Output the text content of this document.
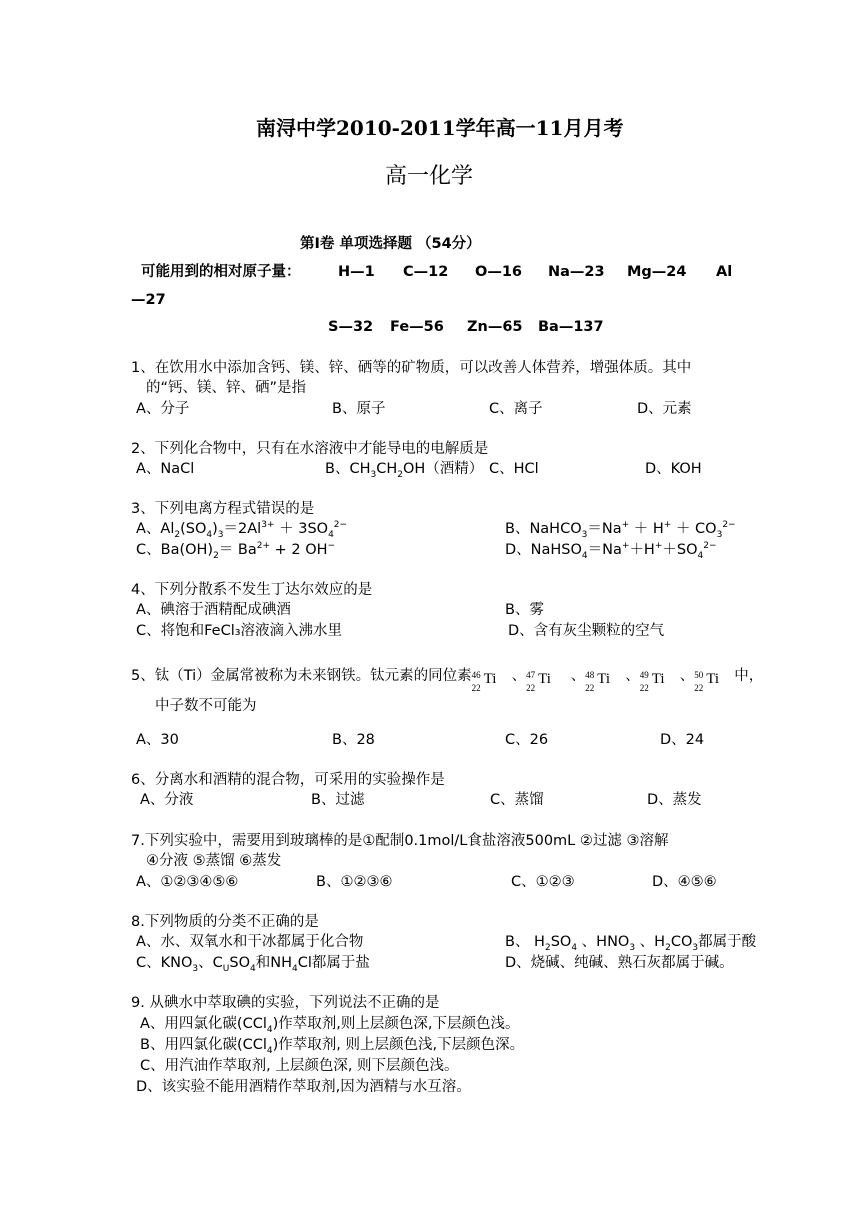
南浔中学2010-2011学年高一11月月考
高一化学
第Ⅰ卷 单项选择题 （54分）
可能用到的相对原子量：	H—1 C—12 O—16 Na—23 Mg—24 Al
—27
S—32 Fe—56 Zn—65 Ba—137
1、在饮用水中添加含钙、镁、锌、硒等的矿物质，可以改善人体营养，增强体质。其中
的“钙、镁、锌、硒”是指
A、分子	B、原子	C、离子	D、元素
2、下列化合物中，只有在水溶液中才能导电的电解质是
A、NaCl	B、$CH_3CH_2OH$（酒精） C、HCl	D、KOH
3、下列电离方程式错误的是
A、$Al_2(SO_4)_3=2Al^{3+} + 3SO_4^{2-}$	B、NaHCO$_3$＝Na+ ＋ $H^+ + CO_3^{2-}$
C、$Ba(OH)_2= Ba^{2+} + 2$ OH−	D、$NaHSO_4=Na^++H^++SO_4^{2-}$
4、下列分散系不发生丁达尔效应的是
A、碘溶于酒精配成碘酒	B、雾
C、将饱和FeCl₃溶液滴入沸水里	D、含有灰尘颗粒的空气
5、钛（Ti）金属常被称为未来钢铁。钛元素的同位素 46
22
Ti 、 47
22
Ti 、 48
22
Ti 、 49
22
Ti 、 50
22
Ti 中，
中子数不可能为
A、30	B、28	C、26	D、24
6、分离水和酒精的混合物，可采用的实验操作是
A、分液	B、过滤	C、蒸馏	D、蒸发
7.下列实验中，需要用到玻璃棒的是①配制0.1mol/L食盐溶液500mL ②过滤 ③溶解
④分液 ⑤蒸馏 ⑥蒸发
A、①②③④⑤⑥	B、①②③⑥	C、①②③	D、④⑤⑥
8.下列物质的分类不正确的是
A、水、双氧水和干冰都属于化合物	B、 $H_2SO_4$ 、$HNO_3$ 、$H_2CO_3$都属于酸
C、$KNO_3$、$C_USO_4$和$NH_4Cl$都属于盐	D、烧碱、纯碱、熟石灰都属于碱。
9. 从碘水中萃取碘的实验，下列说法不正确的是
A、用四氯化碳(CCl$_4$)作萃取剂,则上层颜色深,下层颜色浅。
B、用四氯化碳(CCl$_4$)作萃取剂, 则上层颜色浅,下层颜色深。
C、用汽油作萃取剂, 上层颜色深, 则下层颜色浅。
D、该实验不能用酒精作萃取剂,因为酒精与水互溶。
